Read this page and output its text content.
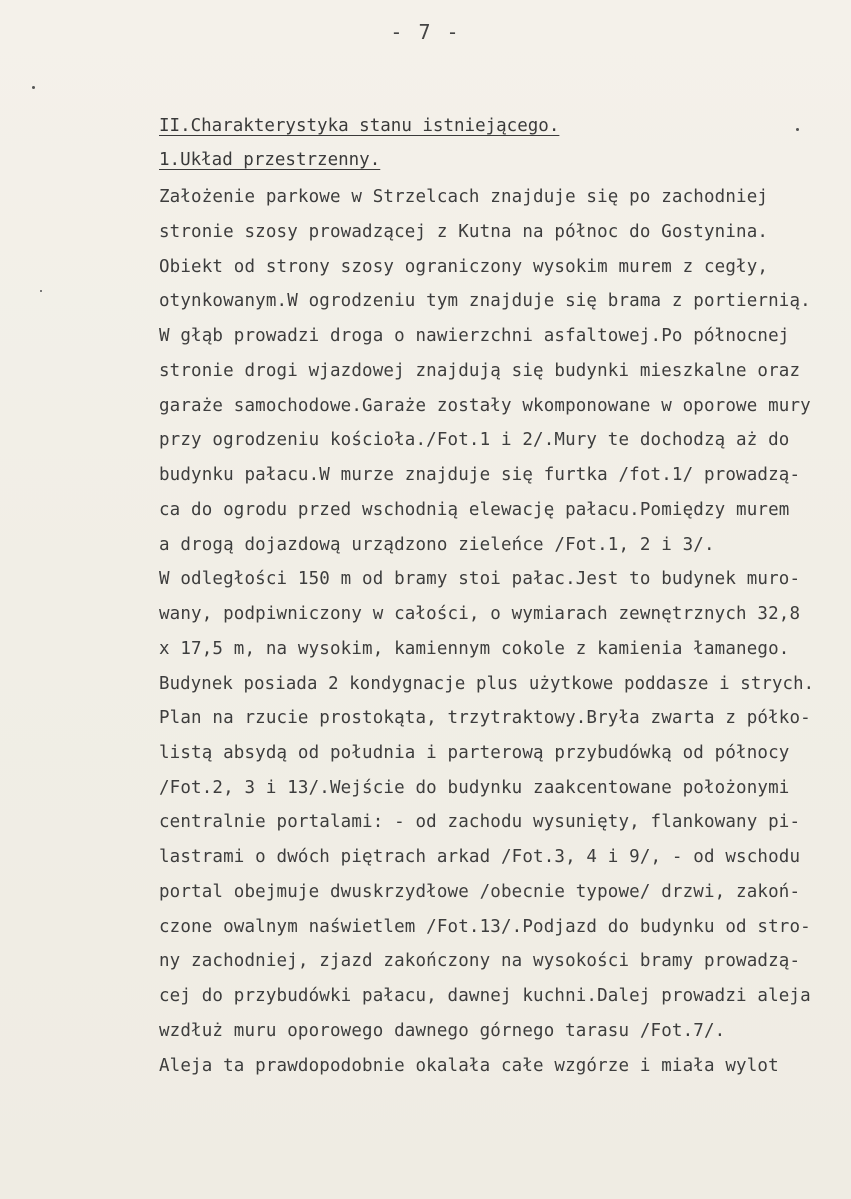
- 7 -
II.Charakterystyka stanu istniejącego.
1.Układ przestrzenny.
Założenie parkowe w Strzelcach znajduje się po zachodniej
stronie szosy prowadzącej z Kutna na północ do Gostynina.
Obiekt od strony szosy ograniczony wysokim murem z cegły,
otynkowanym.W ogrodzeniu tym znajduje się brama z portiernią.
W głąb prowadzi droga o nawierzchni asfaltowej.Po północnej
stronie drogi wjazdowej znajdują się budynki mieszkalne oraz
garaże samochodowe.Garaże zostały wkomponowane w oporowe mury
przy ogrodzeniu kościoła./Fot.1 i 2/.Mury te dochodzą aż do
budynku pałacu.W murze znajduje się furtka /fot.1/ prowadzą-
ca do ogrodu przed wschodnią elewację pałacu.Pomiędzy murem
a drogą dojazdową urządzono zieleńce /Fot.1, 2 i 3/.
W odległości 150 m od bramy stoi pałac.Jest to budynek muro-
wany, podpiwniczony w całości, o wymiarach zewnętrznych 32,8
x 17,5 m, na wysokim, kamiennym cokole z kamienia łamanego.
Budynek posiada 2 kondygnacje plus użytkowe poddasze i strych.
Plan na rzucie prostokąta, trzytraktowy.Bryła zwarta z półko-
listą absydą od południa i parterową przybudówką od północy
/Fot.2, 3 i 13/.Wejście do budynku zaakcentowane położonymi
centralnie portalami: - od zachodu wysunięty, flankowany pi-
lastrami o dwóch piętrach arkad /Fot.3, 4 i 9/, - od wschodu
portal obejmuje dwuskrzydłowe /obecnie typowe/ drzwi, zakoń-
czone owalnym naświetlem /Fot.13/.Podjazd do budynku od stro-
ny zachodniej, zjazd zakończony na wysokości bramy prowadzą-
cej do przybudówki pałacu, dawnej kuchni.Dalej prowadzi aleja
wzdłuż muru oporowego dawnego górnego tarasu /Fot.7/.
Aleja ta prawdopodobnie okalała całe wzgórze i miała wylot
